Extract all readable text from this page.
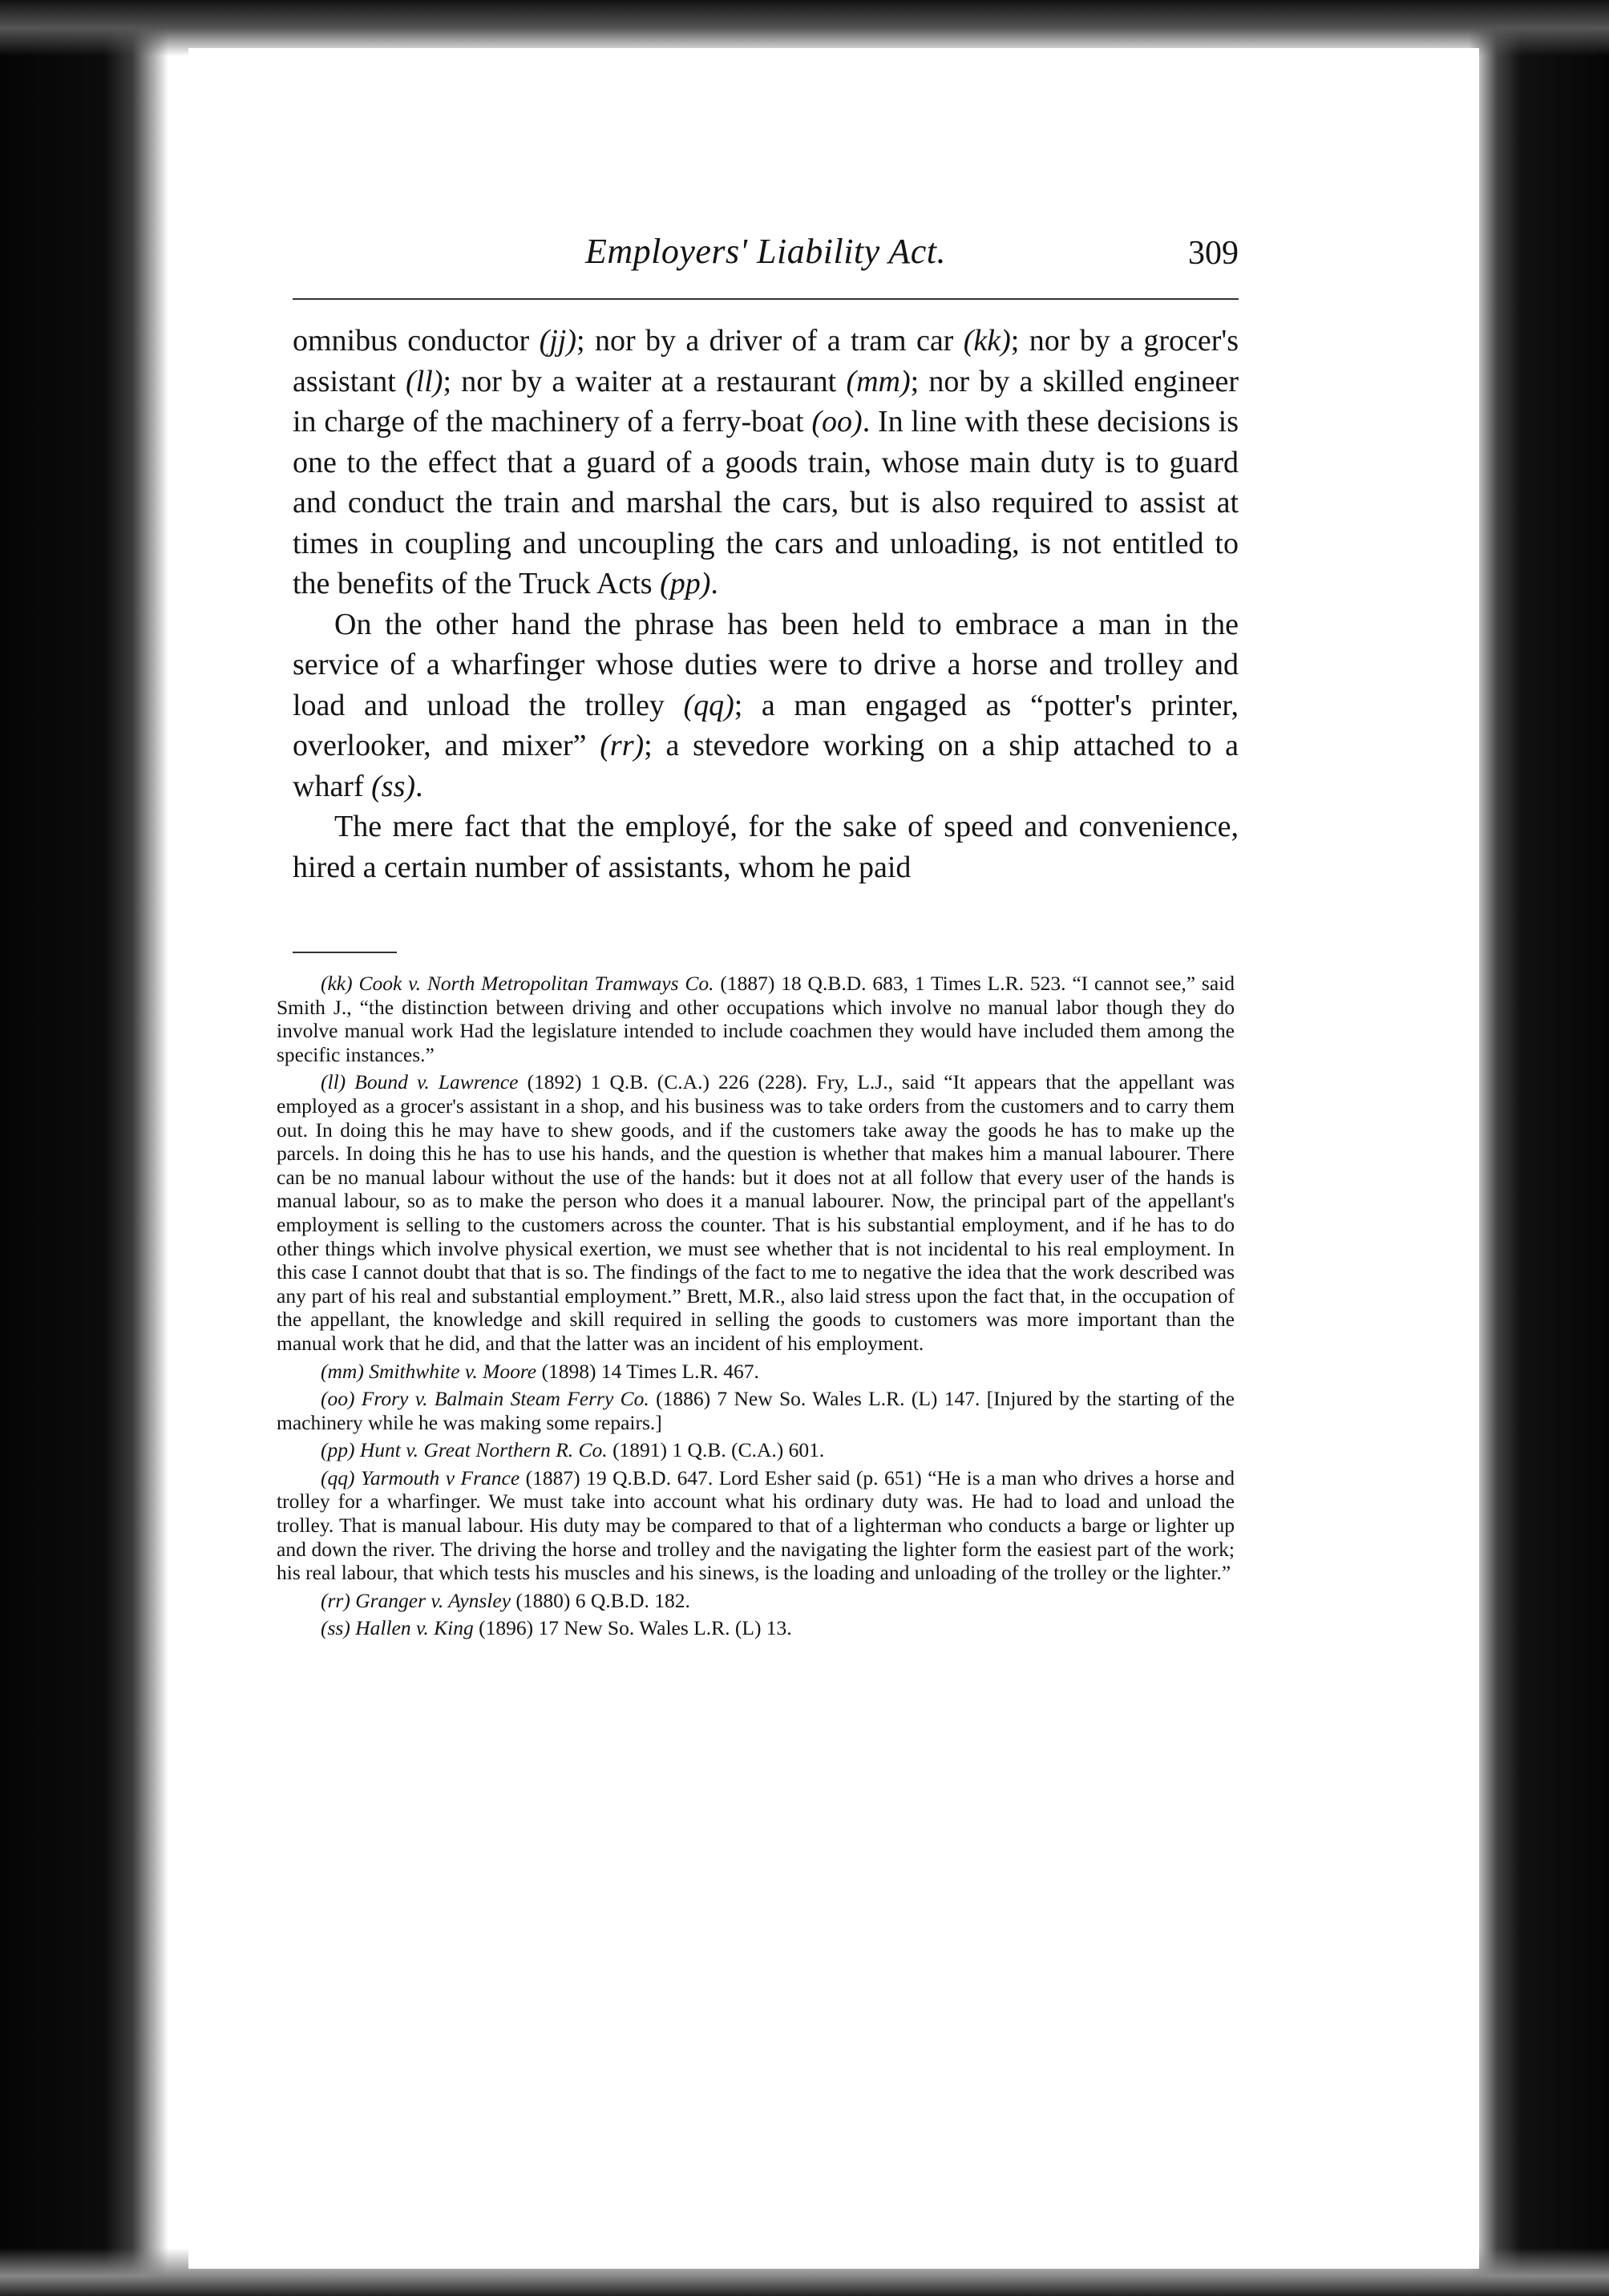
Employers' Liability Act.	309

omnibus conductor (jj); nor by a driver of a tram car (kk); nor by a grocer's assistant (ll); nor by a waiter at a restaurant (mm); nor by a skilled engineer in charge of the machinery of a ferry-boat (oo). In line with these decisions is one to the effect that a guard of a goods train, whose main duty is to guard and conduct the train and marshal the cars, but is also required to assist at times in coupling and uncoupling the cars and unloading, is not entitled to the benefits of the Truck Acts (pp).

On the other hand the phrase has been held to embrace a man in the service of a wharfinger whose duties were to drive a horse and trolley and load and unload the trolley (qq); a man engaged as “potter's printer, overlooker, and mixer” (rr); a stevedore working on a ship attached to a wharf (ss).

The mere fact that the employé, for the sake of speed and convenience, hired a certain number of assistants, whom he paid

(kk) Cook v. North Metropolitan Tramways Co. (1887) 18 Q.B.D. 683, 1 Times L.R. 523. “I cannot see,” said Smith J., “the distinction between driving and other occupations which involve no manual labor though they do involve manual work Had the legislature intended to include coachmen they would have included them among the specific instances.”

(ll) Bound v. Lawrence (1892) 1 Q.B. (C.A.) 226 (228). Fry, L.J., said “It appears that the appellant was employed as a grocer's assistant in a shop, and his business was to take orders from the customers and to carry them out. In doing this he may have to shew goods, and if the customers take away the goods he has to make up the parcels. In doing this he has to use his hands, and the question is whether that makes him a manual labourer. There can be no manual labour without the use of the hands: but it does not at all follow that every user of the hands is manual labour, so as to make the person who does it a manual labourer. Now, the principal part of the appellant's employment is selling to the customers across the counter. That is his substantial employment, and if he has to do other things which involve physical exertion, we must see whether that is not incidental to his real employment. In this case I cannot doubt that that is so. The findings of the fact to me to negative the idea that the work described was any part of his real and substantial employment.” Brett, M.R., also laid stress upon the fact that, in the occupation of the appellant, the knowledge and skill required in selling the goods to customers was more important than the manual work that he did, and that the latter was an incident of his employment.

(mm) Smithwhite v. Moore (1898) 14 Times L.R. 467.

(oo) Frory v. Balmain Steam Ferry Co. (1886) 7 New So. Wales L.R. (L) 147. [Injured by the starting of the machinery while he was making some repairs.]

(pp) Hunt v. Great Northern R. Co. (1891) 1 Q.B. (C.A.) 601.

(qq) Yarmouth v France (1887) 19 Q.B.D. 647. Lord Esher said (p. 651) “He is a man who drives a horse and trolley for a wharfinger. We must take into account what his ordinary duty was. He had to load and unload the trolley. That is manual labour. His duty may be compared to that of a lighterman who conducts a barge or lighter up and down the river. The driving the horse and trolley and the navigating the lighter form the easiest part of the work; his real labour, that which tests his muscles and his sinews, is the loading and unloading of the trolley or the lighter.”

(rr) Granger v. Aynsley (1880) 6 Q.B.D. 182.

(ss) Hallen v. King (1896) 17 New So. Wales L.R. (L) 13.
